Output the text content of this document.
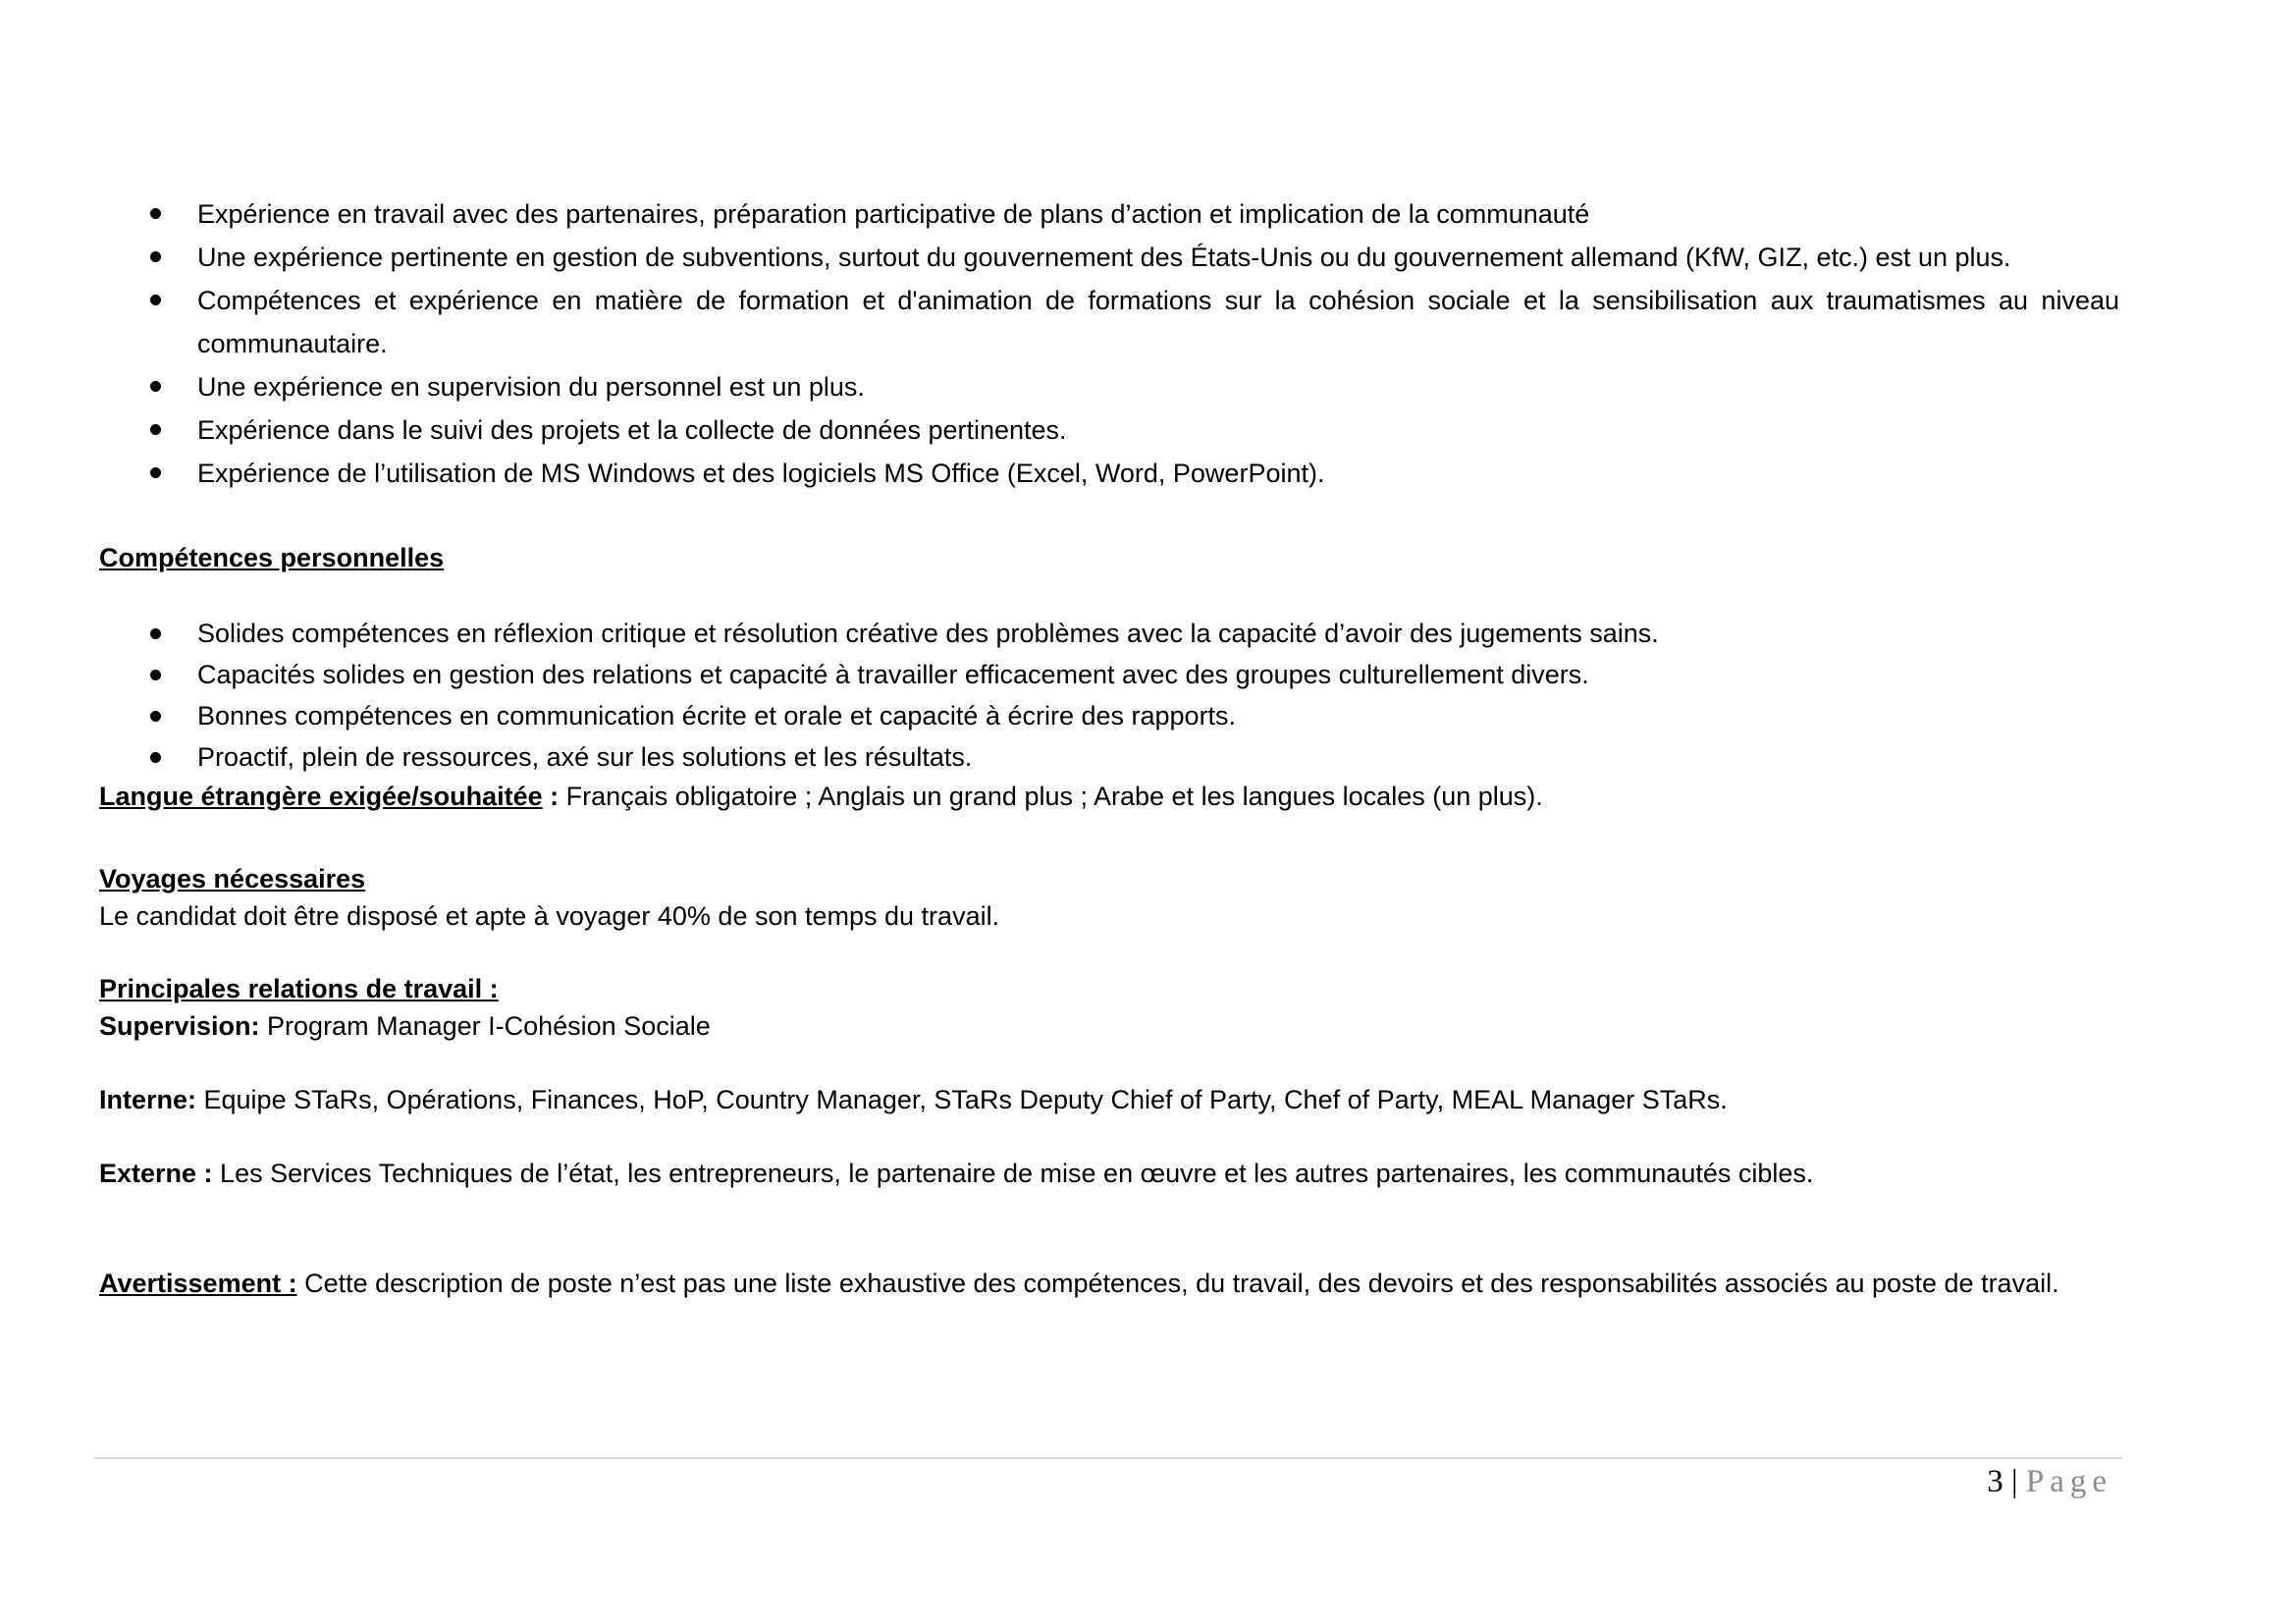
Expérience en travail avec des partenaires, préparation participative de plans d’action et implication de la communauté
Une expérience pertinente en gestion de subventions, surtout du gouvernement des États-Unis ou du gouvernement allemand (KfW, GIZ, etc.) est un plus.
Compétences et expérience en matière de formation et d'animation de formations sur la cohésion sociale et la sensibilisation aux traumatismes au niveau communautaire.
Une expérience en supervision du personnel est un plus.
Expérience dans le suivi des projets et la collecte de données pertinentes.
Expérience de l’utilisation de MS Windows et des logiciels MS Office (Excel, Word, PowerPoint).
Compétences personnelles
Solides compétences en réflexion critique et résolution créative des problèmes avec la capacité d’avoir des jugements sains.
Capacités solides en gestion des relations et capacité à travailler efficacement avec des groupes culturellement divers.
Bonnes compétences en communication écrite et orale et capacité à écrire des rapports.
Proactif, plein de ressources, axé sur les solutions et les résultats.

Langue étrangère exigée/souhaitée : Français obligatoire ; Anglais un grand plus ; Arabe et les langues locales (un plus).

Voyages nécessaires

Le candidat doit être disposé et apte à voyager 40% de son temps du travail.

Principales relations de travail :

Supervision: Program Manager I-Cohésion Sociale

Interne: Equipe STaRs, Opérations, Finances, HoP, Country Manager, STaRs Deputy Chief of Party, Chef of Party, MEAL Manager STaRs.

Externe : Les Services Techniques de l’état, les entrepreneurs, le partenaire de mise en œuvre et les autres partenaires, les communautés cibles.

Avertissement : Cette description de poste n’est pas une liste exhaustive des compétences, du travail, des devoirs et des responsabilités associés au poste de travail.

3 | Page
